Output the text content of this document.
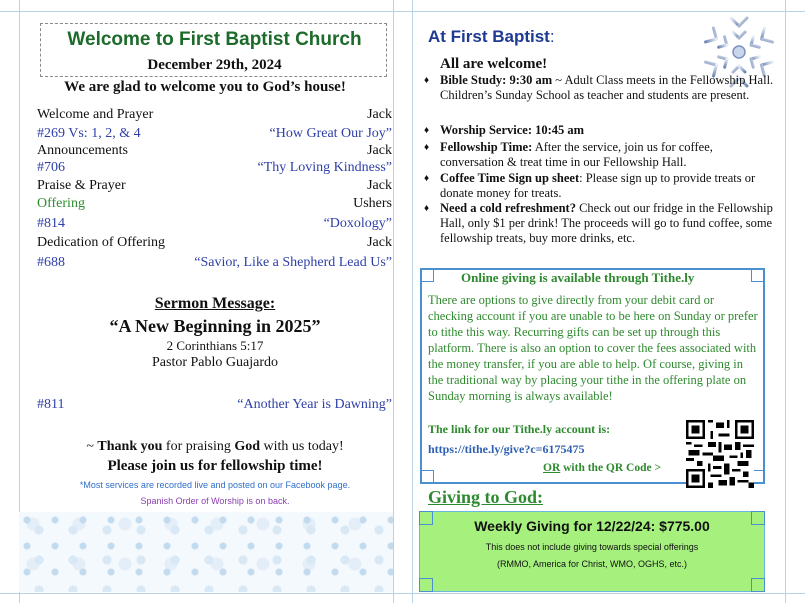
Welcome to First Baptist Church
December 29th, 2024
We are glad to welcome you to God’s house!
Welcome and Prayer	Jack
#269 Vs: 1, 2, & 4	“How Great Our Joy”
Announcements	Jack
#706	“Thy Loving Kindness”
Praise & Prayer	Jack
Offering	Ushers
#814	“Doxology”
Dedication of Offering	Jack
#688	“Savior, Like a Shepherd Lead Us”
Sermon Message:
“A New Beginning in 2025”
2 Corinthians 5:17
Pastor Pablo Guajardo
#811	“Another Year is Dawning”
~ Thank you for praising God with us today!
Please join us for fellowship time!
*Most services are recorded live and posted on our Facebook page.
Spanish Order of Worship is on back.
At First Baptist:
All are welcome!
♦ Bible Study: 9:30 am ~ Adult Class meets in the Fellowship Hall. Children’s Sunday School as teacher and students are present.
♦ Worship Service: 10:45 am
♦ Fellowship Time: After the service, join us for coffee, conversation & treat time in our Fellowship Hall.
♦ Coffee Time Sign up sheet: Please sign up to provide treats or donate money for treats.
♦ Need a cold refreshment? Check out our fridge in the Fellowship Hall, only $1 per drink! The proceeds will go to fund coffee, some fellowship treats, buy more drinks, etc.
Online giving is available through Tithe.ly
There are options to give directly from your debit card or checking account if you are unable to be here on Sunday or prefer to tithe this way. Recurring gifts can be set up through this platform. There is also an option to cover the fees associated with the money transfer, if you are able to help. Of course, giving in the traditional way by placing your tithe in the offering plate on Sunday morning is always available!
The link for our Tithe.ly account is:
https://tithe.ly/give?c=6175475
OR with the QR Code >
Giving to God:
Weekly Giving for 12/22/24: $775.00
This does not include giving towards special offerings
(RMMO, America for Christ, WMO, OGHS, etc.)
